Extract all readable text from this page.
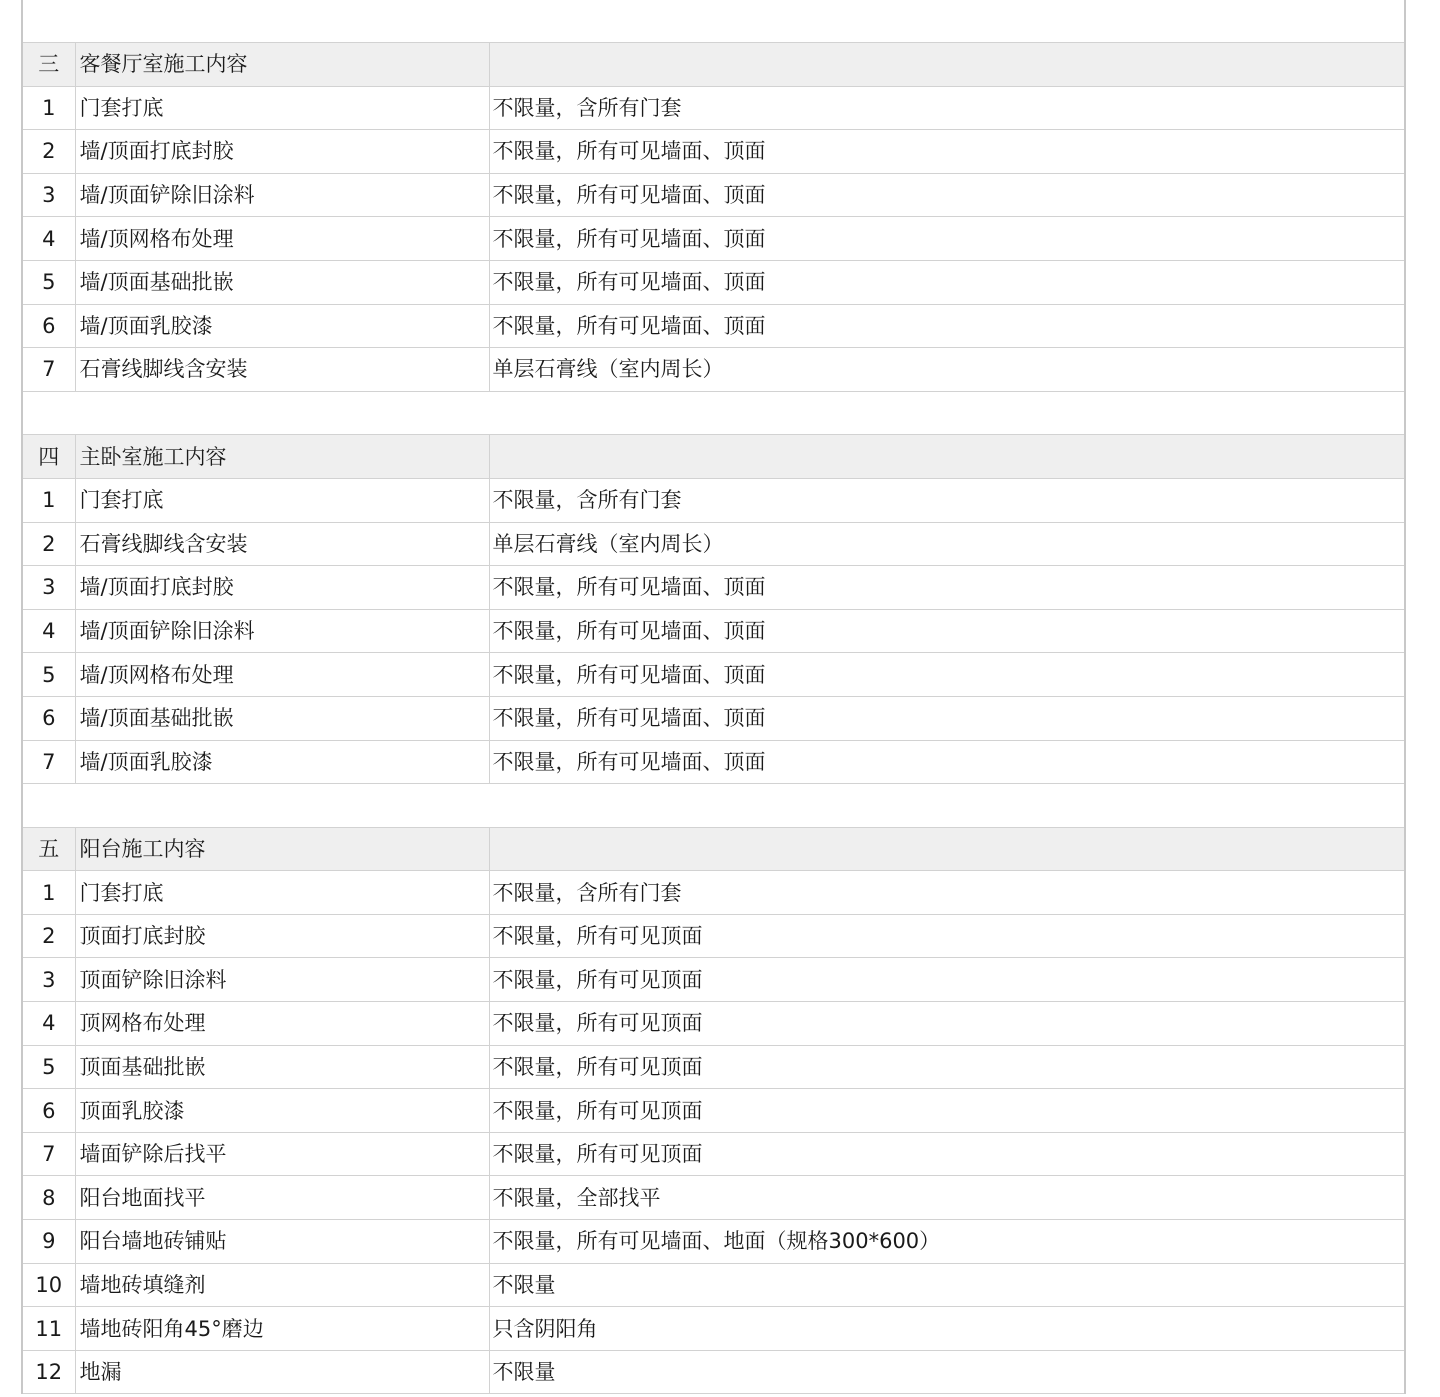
三	客餐厅室施工内容	
1	门套打底	不限量，含所有门套
2	墙/顶面打底封胶	不限量，所有可见墙面、顶面
3	墙/顶面铲除旧涂料	不限量，所有可见墙面、顶面
4	墙/顶网格布处理	不限量，所有可见墙面、顶面
5	墙/顶面基础批嵌	不限量，所有可见墙面、顶面
6	墙/顶面乳胶漆	不限量，所有可见墙面、顶面
7	石膏线脚线含安装	单层石膏线（室内周长）

四	主卧室施工内容	
1	门套打底	不限量，含所有门套
2	石膏线脚线含安装	单层石膏线（室内周长）
3	墙/顶面打底封胶	不限量，所有可见墙面、顶面
4	墙/顶面铲除旧涂料	不限量，所有可见墙面、顶面
5	墙/顶网格布处理	不限量，所有可见墙面、顶面
6	墙/顶面基础批嵌	不限量，所有可见墙面、顶面
7	墙/顶面乳胶漆	不限量，所有可见墙面、顶面

五	阳台施工内容	
1	门套打底	不限量，含所有门套
2	顶面打底封胶	不限量，所有可见顶面
3	顶面铲除旧涂料	不限量，所有可见顶面
4	顶网格布处理	不限量，所有可见顶面
5	顶面基础批嵌	不限量，所有可见顶面
6	顶面乳胶漆	不限量，所有可见顶面
7	墙面铲除后找平	不限量，所有可见顶面
8	阳台地面找平	不限量，全部找平
9	阳台墙地砖铺贴	不限量，所有可见墙面、地面（规格300*600）
10	墙地砖填缝剂	不限量
11	墙地砖阳角45°磨边	只含阴阳角
12	地漏	不限量
